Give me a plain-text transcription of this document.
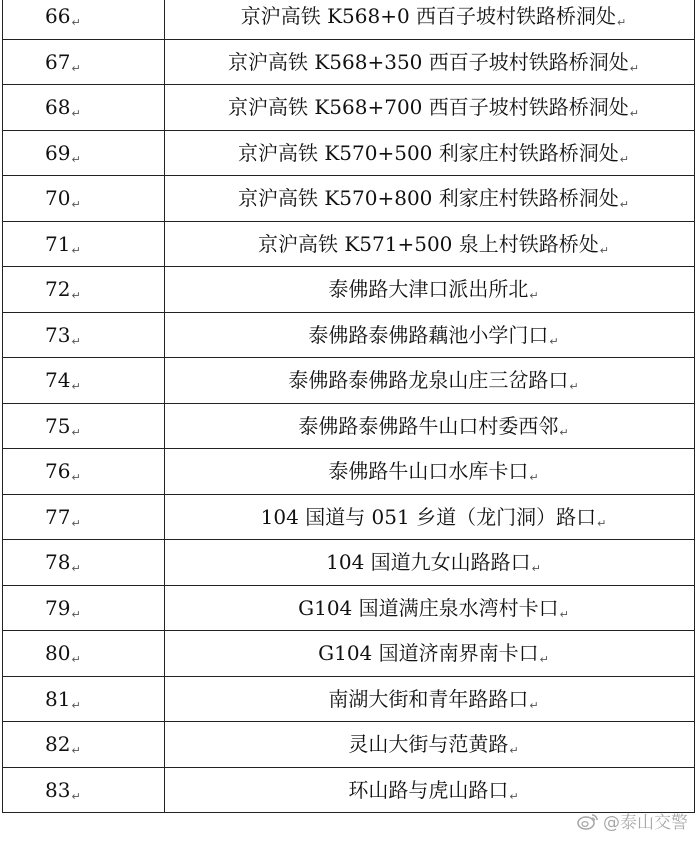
66↵	京沪高铁 K568+0 西百子坡村铁路桥洞处↵
67↵	京沪高铁 K568+350 西百子坡村铁路桥洞处↵
68↵	京沪高铁 K568+700 西百子坡村铁路桥洞处↵
69↵	京沪高铁 K570+500 利家庄村铁路桥洞处↵
70↵	京沪高铁 K570+800 利家庄村铁路桥洞处↵
71↵	京沪高铁 K571+500 泉上村铁路桥处↵
72↵	泰佛路大津口派出所北↵
73↵	泰佛路泰佛路藕池小学门口↵
74↵	泰佛路泰佛路龙泉山庄三岔路口↵
75↵	泰佛路泰佛路牛山口村委西邻↵
76↵	泰佛路牛山口水库卡口↵
77↵	104 国道与 051 乡道（龙门洞）路口↵
78↵	104 国道九女山路路口↵
79↵	G104 国道满庄泉水湾村卡口↵
80↵	G104 国道济南界南卡口↵
81↵	南湖大街和青年路路口↵
82↵	灵山大街与范黄路↵
83↵	环山路与虎山路口↵
@泰山交警
